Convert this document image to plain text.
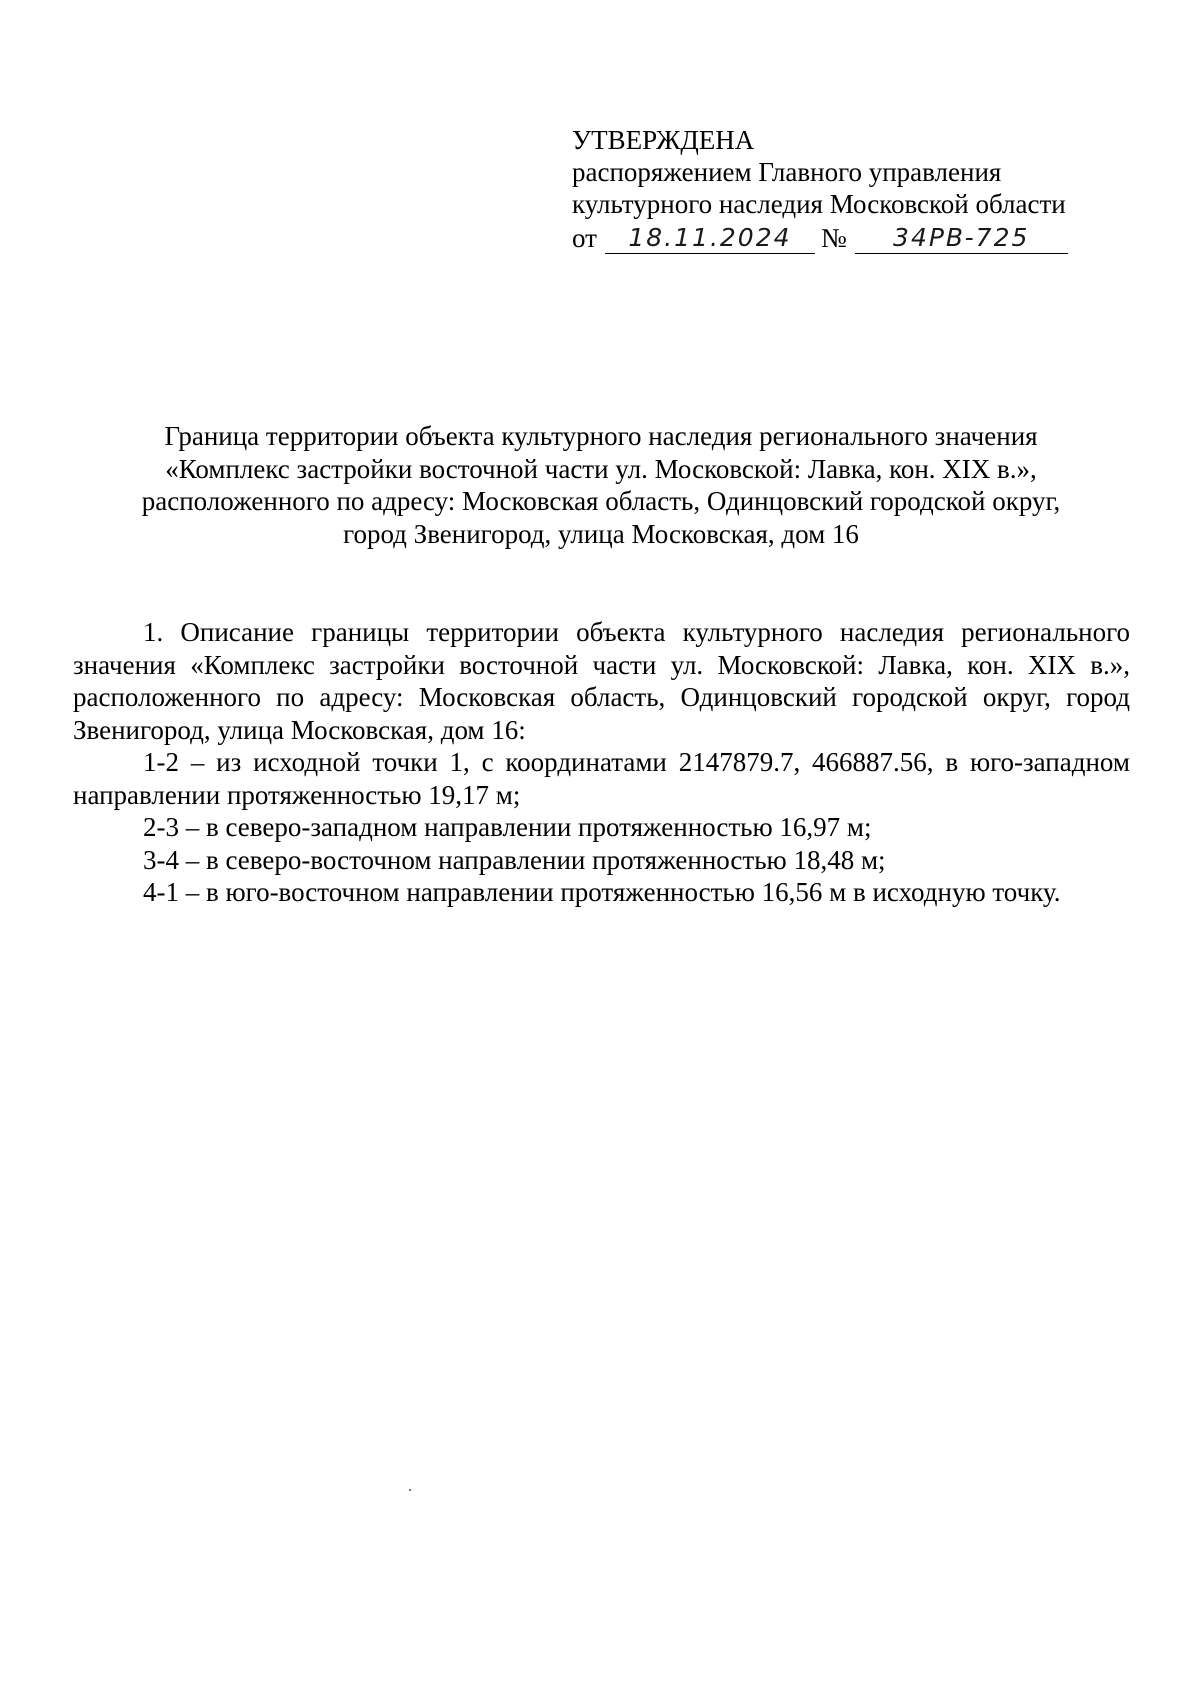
УТВЕРЖДЕНА
распоряжением Главного управления
культурного наследия Московской области
от 18.11.2024 № 34PB-725
Граница территории объекта культурного наследия регионального значения
«Комплекс застройки восточной части ул. Московской: Лавка, кон. XIX в.»,
расположенного по адресу: Московская область, Одинцовский городской округ,
город Звенигород, улица Московская, дом 16

1. Описание границы территории объекта культурного наследия регионального значения «Комплекс застройки восточной части ул. Московской: Лавка, кон. XIX в.», расположенного по адресу: Московская область, Одинцовский городской округ, город Звенигород, улица Московская, дом 16:

1-2 – из исходной точки 1, с координатами 2147879.7, 466887.56, в юго-западном направлении протяженностью 19,17 м;

2-3 – в северо-западном направлении протяженностью 16,97 м;

3-4 – в северо-восточном направлении протяженностью 18,48 м;

4-1 – в юго-восточном направлении протяженностью 16,56 м в исходную точку.
